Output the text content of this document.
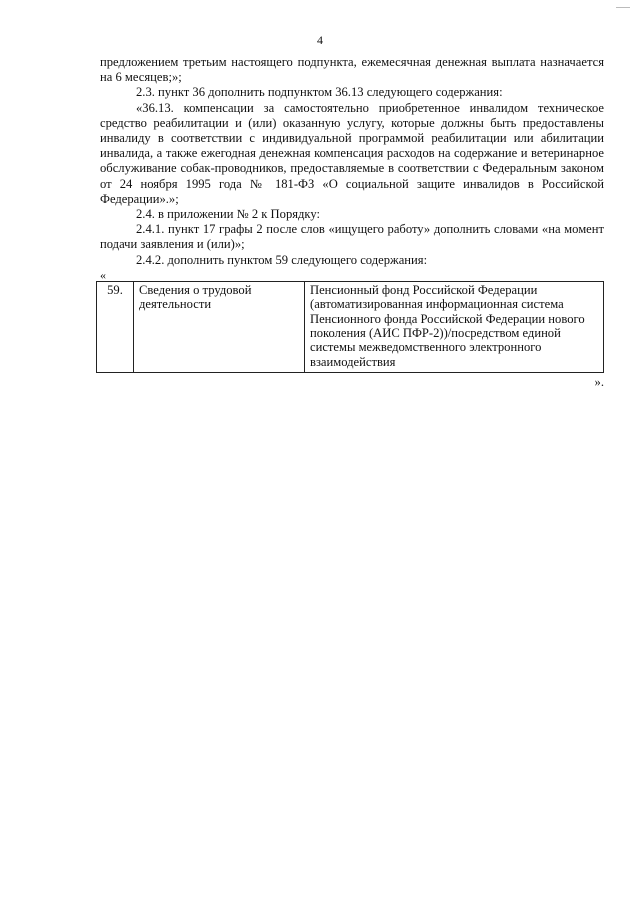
4

предложением третьим настоящего подпункта, ежемесячная денежная выплата назначается на 6 месяцев;»;

2.3. пункт 36 дополнить подпунктом 36.13 следующего содержания:

«36.13. компенсации за самостоятельно приобретенное инвалидом техническое средство реабилитации и (или) оказанную услугу, которые должны быть предоставлены инвалиду в соответствии с индивидуальной программой реабилитации или абилитации инвалида, а также ежегодная денежная компенсация расходов на содержание и ветеринарное обслуживание собак-проводников, предоставляемые в соответствии с Федеральным законом от 24 ноября 1995 года № 181-ФЗ «О социальной защите инвалидов в Российской Федерации».»;

2.4. в приложении № 2 к Порядку:

2.4.1. пункт 17 графы 2 после слов «ищущего работу» дополнить словами «на момент подачи заявления и (или)»;

2.4.2. дополнить пунктом 59 следующего содержания:

«
59.	Сведения о трудовой деятельности	Пенсионный фонд Российской Федерации (автоматизированная информационная система Пенсионного фонда Российской Федерации нового поколения (АИС ПФР-2))/посредством единой системы межведомственного электронного взаимодействия
».
